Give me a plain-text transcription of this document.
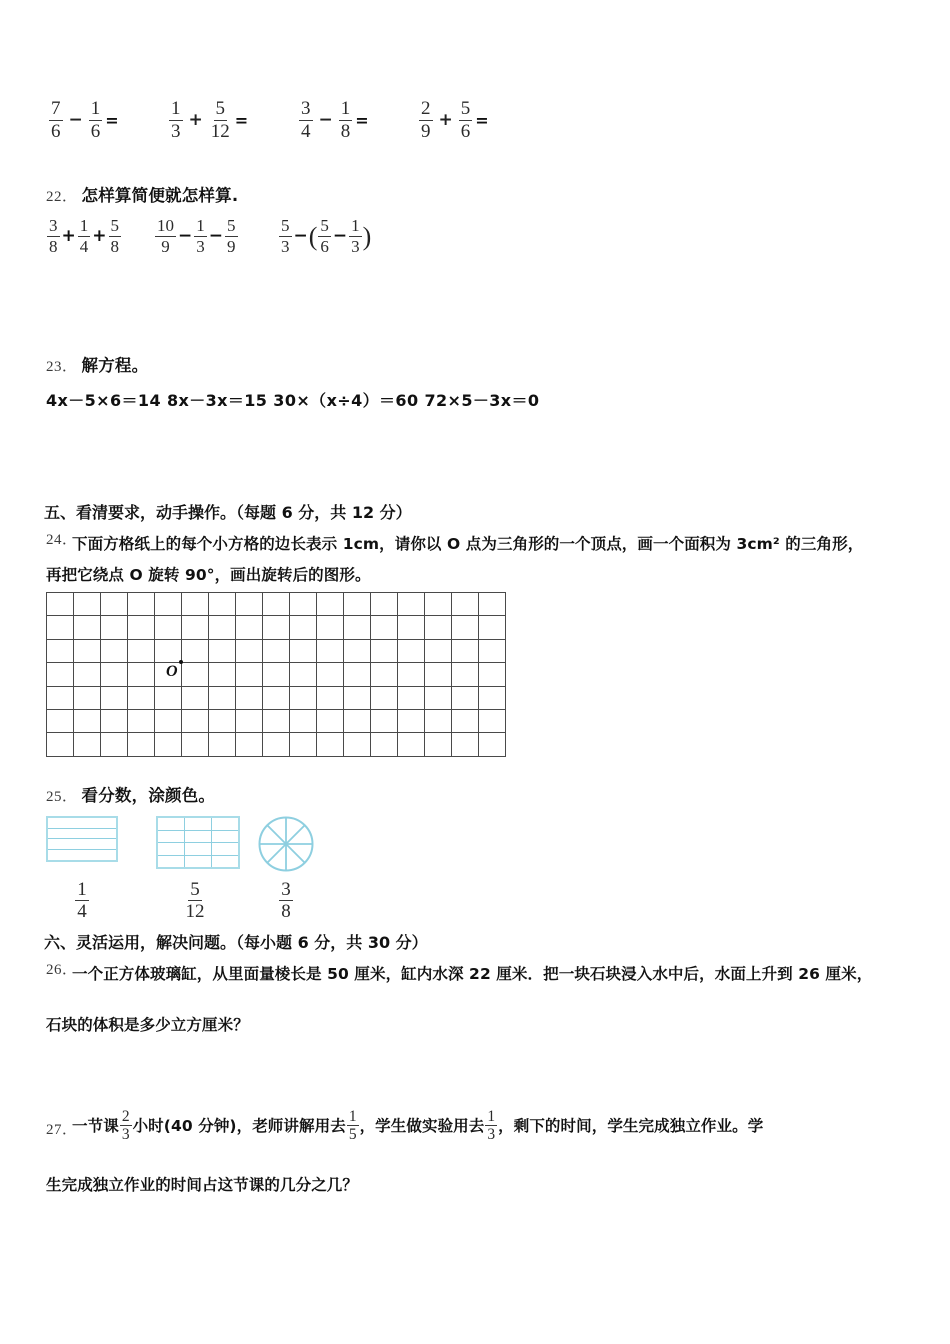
$\frac{7}{6} - \frac{1}{6}$ =	$\frac{1}{3} + \frac{5}{12}$ =	$\frac{3}{4} - \frac{1}{8}$ =	$\frac{2}{9} + \frac{5}{6}$ =
22． 怎样算简便就怎样算.
$\frac{3}{8} + \frac{1}{4} + \frac{5}{8} \frac{10}{9} - \frac{1}{3} - \frac{5}{9} \frac{5}{3}$ − ( $\frac{5}{6} - \frac{1}{3}$ )
23． 解方程。
4x－5×6＝14 8x－3x＝15 30×（x÷4）＝60 72×5－3x＝0
五、看清要求，动手操作。（每题 6 分，共 12 分）
24．
下面方格纸上的每个小方格的边长表示 1cm，请你以 O 点为三角形的一个顶点，画一个面积为 3cm² 的三角形，
再把它绕点 O 旋转 90°，画出旋转后的图形。

O
25． 看分数，涂颜色。
$\frac{1}{4}$

			$\frac{5}{12}$	$\frac{3}{8}$
六、灵活运用，解决问题。（每小题 6 分，共 30 分）
26．
一个正方体玻璃缸，从里面量棱长是 50 厘米，缸内水深 22 厘米．把一块石块浸入水中后，水面上升到 26 厘米，
石块的体积是多少立方厘米？
27．
一节课 $\frac{2}{3}$ 小时(40 分钟)，老师讲解用去 $\frac{1}{5}$ ，学生做实验用去 $\frac{1}{3}$ ，剩下的时间，学生完成独立作业。学
生完成独立作业的时间占这节课的几分之几？
